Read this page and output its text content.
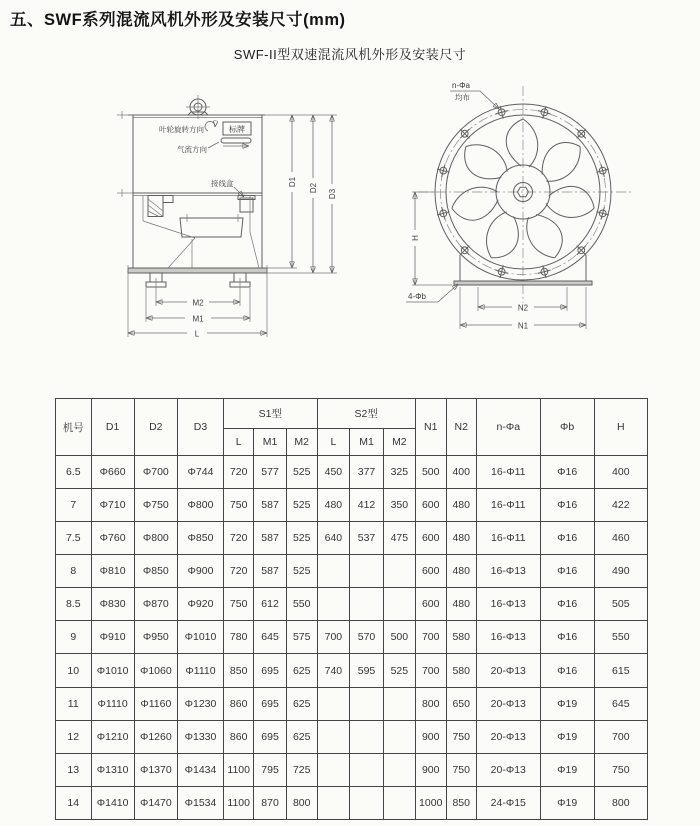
五、SWF系列混流风机外形及安装尺寸(mm)
SWF-II型双速混流风机外形及安装尺寸
叶轮旋转方向	标牌
气流方向
接线盒	D1
D2
D3
M2
M1
L
n-Φa
均布
4-Φb
H
N2
N1
机号	D1	D2	D3	S1型			S2型			N1	N2	n-Φa	Φb	H
				L	M1	M2	L	M1	M2					
6.5	Φ660	Φ700	Φ744	720	577	525	450	377	325	500	400	16-Φ11	Φ16	400
7	Φ710	Φ750	Φ800	750	587	525	480	412	350	600	480	16-Φ11	Φ16	422
7.5	Φ760	Φ800	Φ850	720	587	525	640	537	475	600	480	16-Φ11	Φ16	460
8	Φ810	Φ850	Φ900	720	587	525				600	480	16-Φ13	Φ16	490
8.5	Φ830	Φ870	Φ920	750	612	550				600	480	16-Φ13	Φ16	505
9	Φ910	Φ950	Φ1010	780	645	575	700	570	500	700	580	16-Φ13	Φ16	550
10	Φ1010	Φ1060	Φ1110	850	695	625	740	595	525	700	580	20-Φ13	Φ16	615
11	Φ1110	Φ1160	Φ1230	860	695	625				800	650	20-Φ13	Φ19	645
12	Φ1210	Φ1260	Φ1330	860	695	625				900	750	20-Φ13	Φ19	700
13	Φ1310	Φ1370	Φ1434	1100	795	725				900	750	20-Φ13	Φ19	750
14	Φ1410	Φ1470	Φ1534	1100	870	800				1000	850	24-Φ15	Φ19	800
